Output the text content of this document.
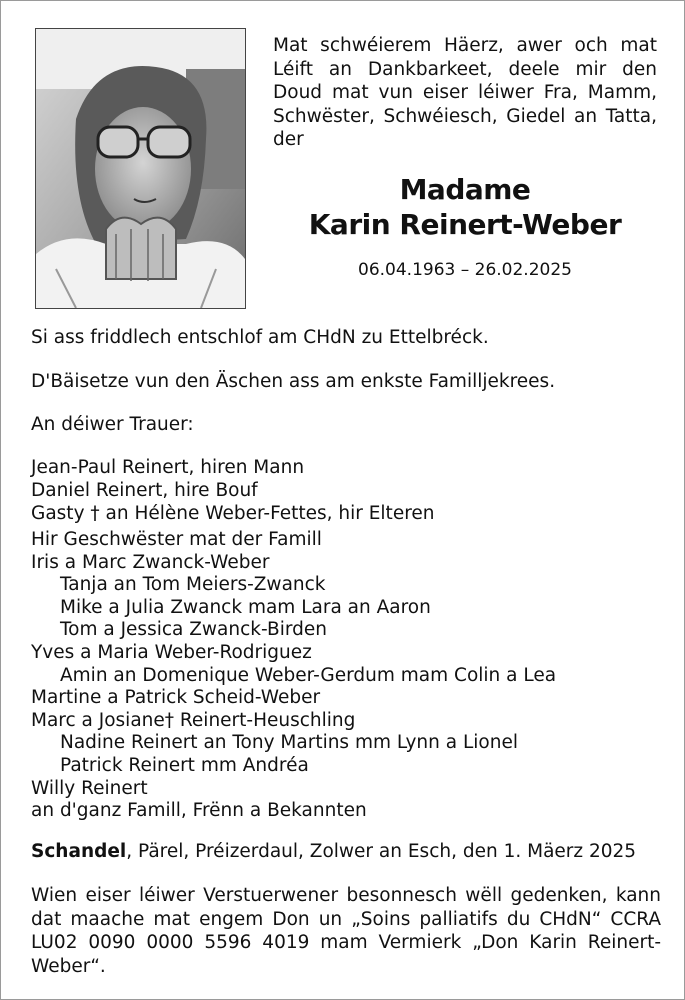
Mat schwéierem Häerz, awer och mat Léift an Dankbarkeet, deele mir den Doud mat vun eiser léiwer Fra, Mamm, Schwëster, Schwéiesch, Giedel an Tatta, der
Madame
Karin Reinert-Weber
06.04.1963 – 26.02.2025
Si ass friddlech entschlof am CHdN zu Ettelbréck.
D'Bäisetze vun den Äschen ass am enkste Familljekrees.
An déiwer Trauer:
Jean-Paul Reinert, hiren Mann
Daniel Reinert, hire Bouf
Gasty † an Hélène Weber-Fettes, hir Elteren
Hir Geschwëster mat der Famill
Iris a Marc Zwanck-Weber
Tanja an Tom Meiers-Zwanck
Mike a Julia Zwanck mam Lara an Aaron
Tom a Jessica Zwanck-Birden
Yves a Maria Weber-Rodriguez
Amin an Domenique Weber-Gerdum mam Colin a Lea
Martine a Patrick Scheid-Weber
Marc a Josiane† Reinert-Heuschling
Nadine Reinert an Tony Martins mm Lynn a Lionel
Patrick Reinert mm Andréa
Willy Reinert
an d'ganz Famill, Frënn a Bekannten
Schandel, Pärel, Préizerdaul, Zolwer an Esch, den 1. Mäerz 2025
Wien eiser léiwer Verstuerwener besonnesch wëll gedenken, kann dat maache mat engem Don un „Soins palliatifs du CHdN“ CCRA LU02 0090 0000 5596 4019 mam Vermierk „Don Karin Reinert-Weber“.
